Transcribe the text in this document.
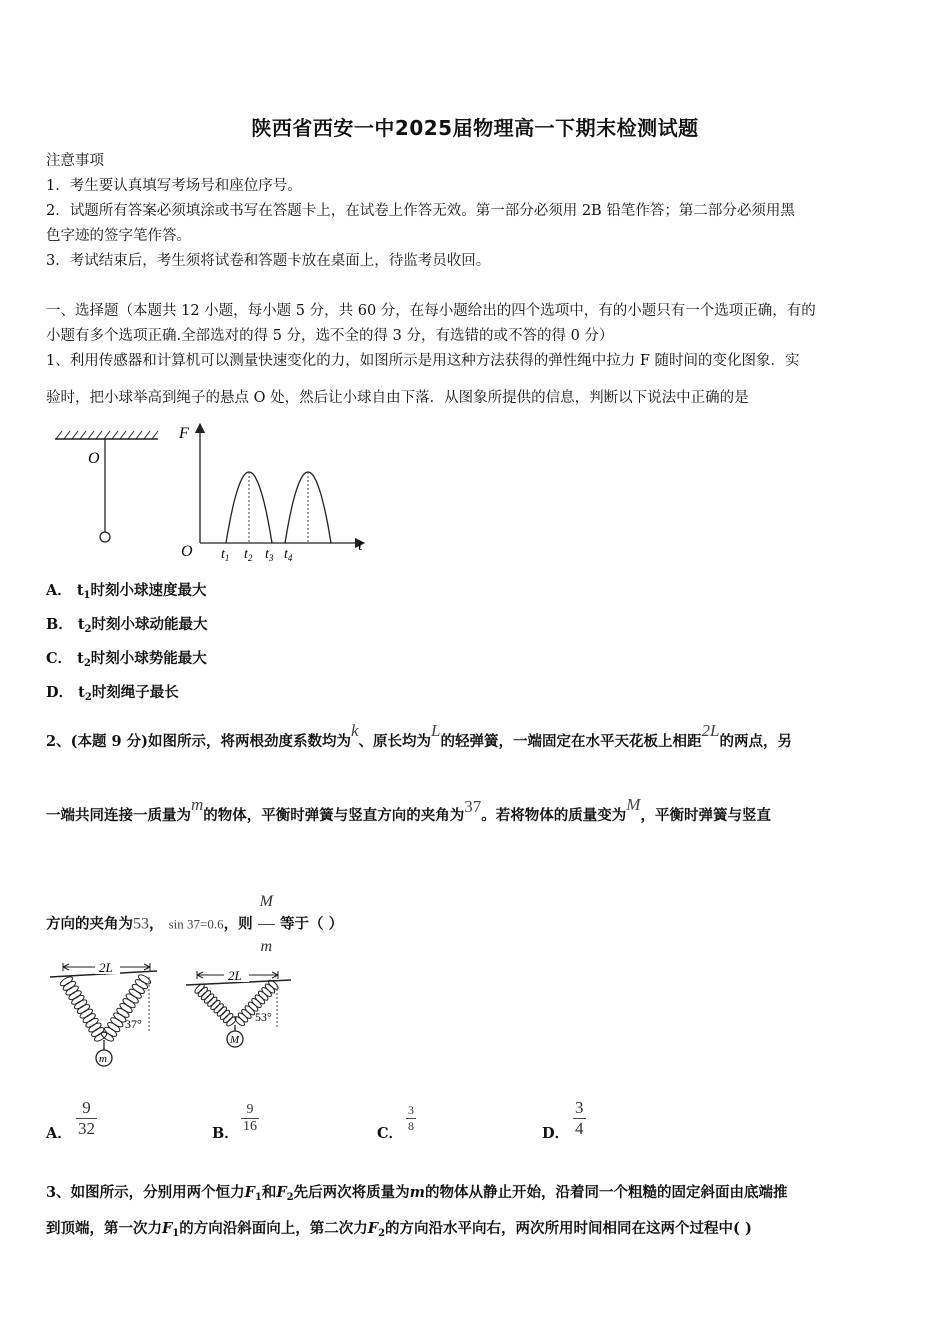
陕西省西安一中2025届物理高一下期末检测试题
注意事项
1．考生要认真填写考场号和座位序号。
2．试题所有答案必须填涂或书写在答题卡上，在试卷上作答无效。第一部分必须用 2B 铅笔作答；第二部分必须用黑
色字迹的签字笔作答。
3．考试结束后，考生须将试卷和答题卡放在桌面上，待监考员收回。
一、选择题（本题共 12 小题，每小题 5 分，共 60 分，在每小题给出的四个选项中，有的小题只有一个选项正确，有的
小题有多个选项正确.全部选对的得 5 分，选不全的得 3 分，有选错的或不答的得 0 分）
1、利用传感器和计算机可以测量快速变化的力，如图所示是用这种方法获得的弹性绳中拉力 F 随时间的变化图象．实
验时，把小球举高到绳子的悬点 O 处，然后让小球自由下落．从图象所提供的信息，判断以下说法中正确的是
O
F
t
O $t_1$ $t_2$ $t_3$ $t_4$
A． $t_1$时刻小球速度最大
B． $t_2$时刻小球动能最大
C． $t_2$时刻小球势能最大
D． $t_2$时刻绳子最长
2、(本题 9 分)如图所示，将两根劲度系数均为k、原长均为L的轻弹簧，一端固定在水平天花板上相距2L的两点，另
一端共同连接一质量为m的物体，平衡时弹簧与竖直方向的夹角为37。若将物体的质量变为M，平衡时弹簧与竖直
方向的夹角为53， sin 37=0.6，则 $\frac{M}{m}$ 等于（ ）
2L
37°
m
2L
53°
M
A． $\frac{9}{32}$	B． $\frac{9}{16}$	C． $\frac{3}{8}$	D． $\frac{3}{4}$
3、如图所示，分别用两个恒力$F_1$和$F_2$先后两次将质量为m的物体从静止开始，沿着同一个粗糙的固定斜面由底端推
到顶端，第一次力$F_1$的方向沿斜面向上，第二次力$F_2$的方向沿水平向右，两次所用时间相同在这两个过程中( )
